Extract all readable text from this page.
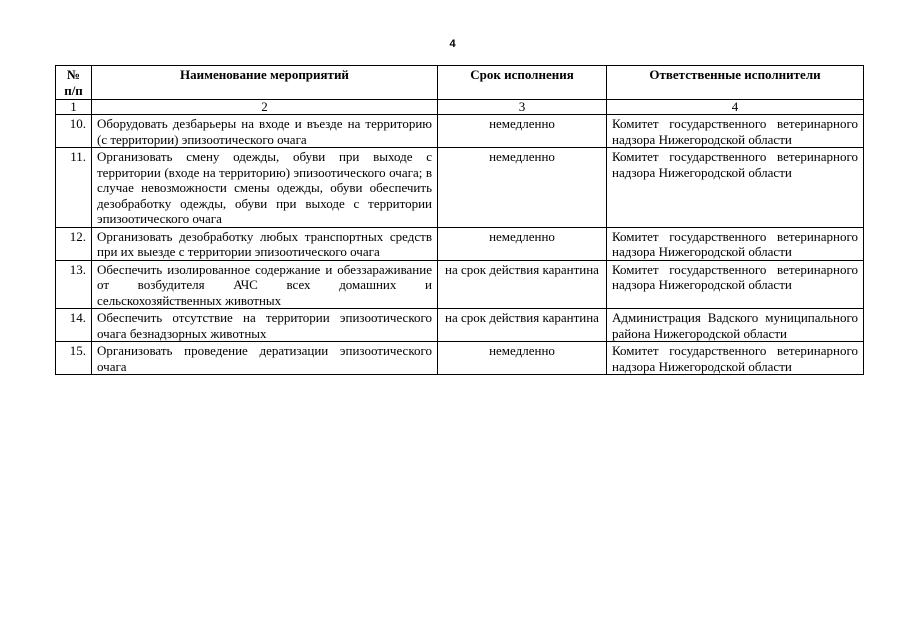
4
№ п/п	Наименование мероприятий	Срок исполнения	Ответственные исполнители
1	2	3	4
10.	Оборудовать дезбарьеры на входе и въезде на территорию (с территории) эпизоотического очага	немедленно	Комитет государственного ветеринарного надзора Нижегородской области
11.	Организовать смену одежды, обуви при выходе с территории (входе на территорию) эпизоотического очага; в случае невозможности смены одежды, обуви обеспечить дезобработку одежды, обуви при выходе с территории эпизоотического очага	немедленно	Комитет государственного ветеринарного надзора Нижегородской области
12.	Организовать дезобработку любых транспортных средств при их выезде с территории эпизоотического очага	немедленно	Комитет государственного ветеринарного надзора Нижегородской области
13.	Обеспечить изолированное содержание и обеззараживание от возбудителя АЧС всех домашних и сельскохозяйственных животных	на срок действия карантина	Комитет государственного ветеринарного надзора Нижегородской области
14.	Обеспечить отсутствие на территории эпизоотического очага безнадзорных животных	на срок действия карантина	Администрация Вадского муниципального района Нижегородской области
15.	Организовать проведение дератизации эпизоотического очага	немедленно	Комитет государственного ветеринарного надзора Нижегородской области
